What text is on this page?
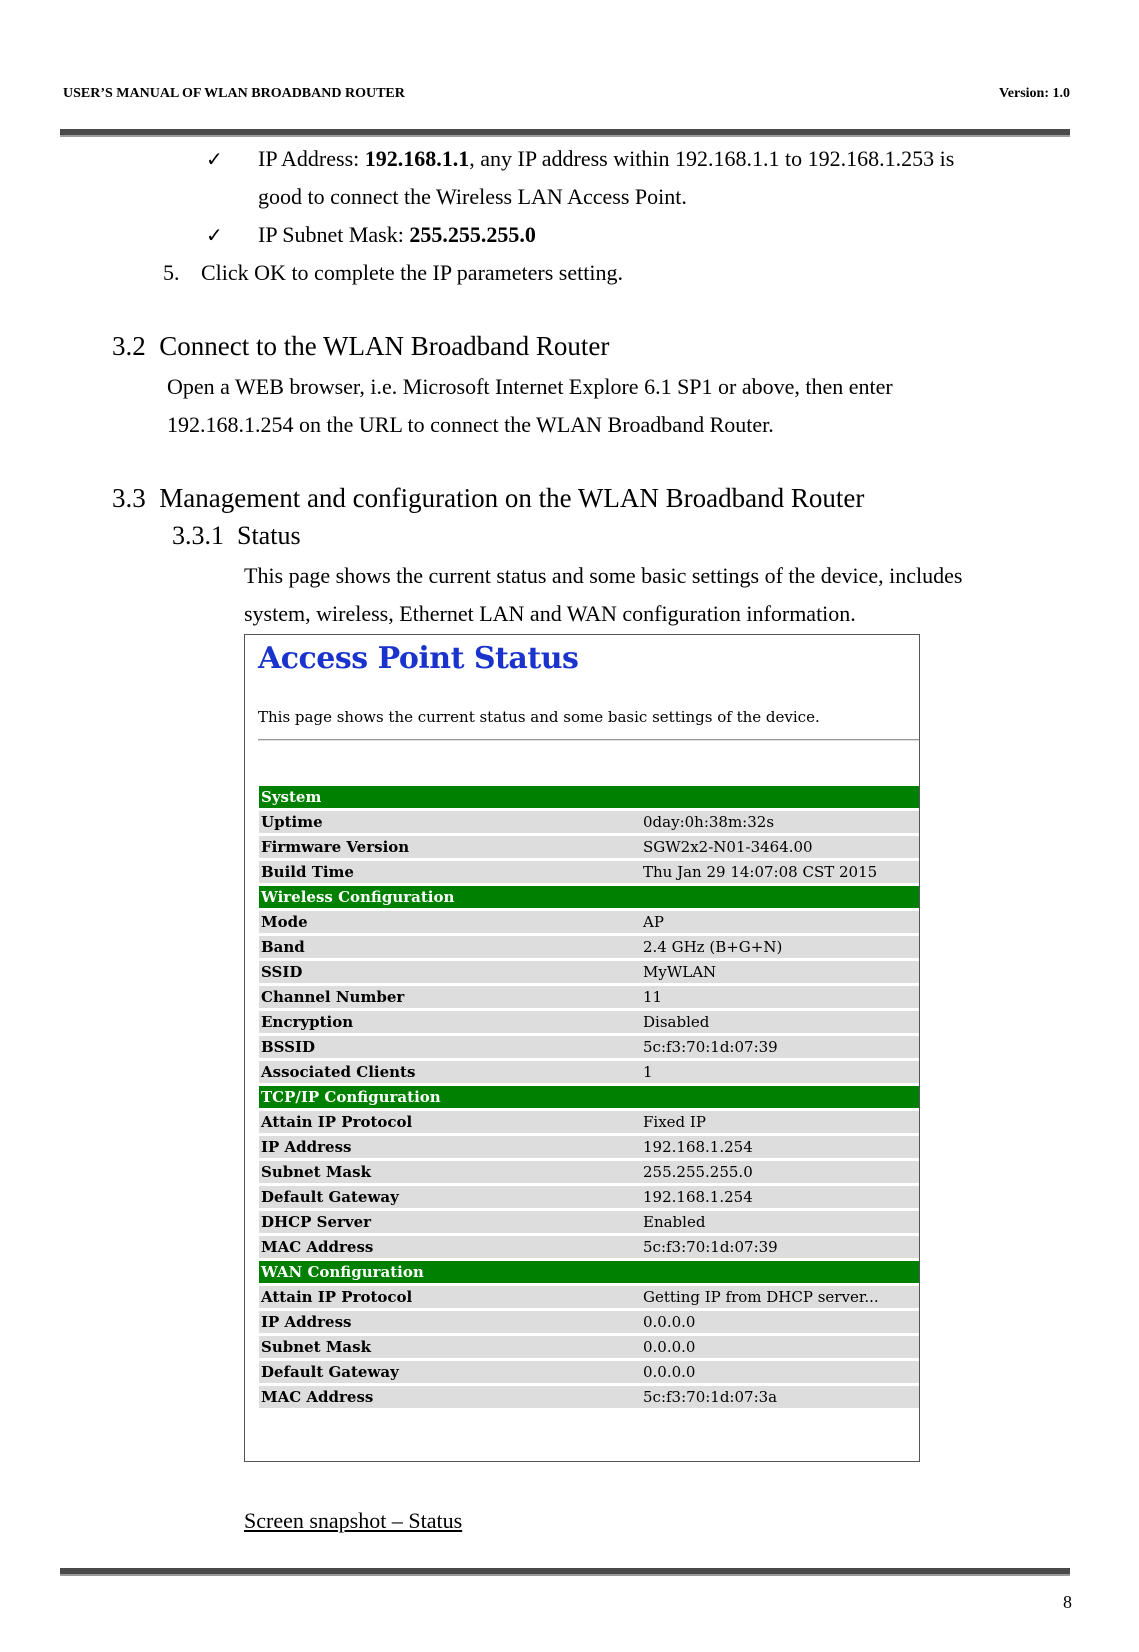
USER’S MANUAL OF WLAN BROADBAND ROUTER	Version: 1.0
✓ IP Address: 192.168.1.1, any IP address within 192.168.1.1 to 192.168.1.253 is
good to connect the Wireless LAN Access Point.
✓ IP Subnet Mask: 255.255.255.0
5. Click OK to complete the IP parameters setting.
3.2  Connect to the WLAN Broadband Router
Open a WEB browser, i.e. Microsoft Internet Explore 6.1 SP1 or above, then enter
192.168.1.254 on the URL to connect the WLAN Broadband Router.
3.3  Management and configuration on the WLAN Broadband Router
3.3.1  Status
This page shows the current status and some basic settings of the device, includes
system, wireless, Ethernet LAN and WAN configuration information.
Access Point Status
This page shows the current status and some basic settings of the device.
System	
Uptime	0day:0h:38m:32s
Firmware Version	SGW2x2-N01-3464.00
Build Time	Thu Jan 29 14:07:08 CST 2015
Wireless Configuration	
Mode	AP
Band	2.4 GHz (B+G+N)
SSID	MyWLAN
Channel Number	11
Encryption	Disabled
BSSID	5c:f3:70:1d:07:39
Associated Clients	1
TCP/IP Configuration	
Attain IP Protocol	Fixed IP
IP Address	192.168.1.254
Subnet Mask	255.255.255.0
Default Gateway	192.168.1.254
DHCP Server	Enabled
MAC Address	5c:f3:70:1d:07:39
WAN Configuration	
Attain IP Protocol	Getting IP from DHCP server...
IP Address	0.0.0.0
Subnet Mask	0.0.0.0
Default Gateway	0.0.0.0
MAC Address	5c:f3:70:1d:07:3a
Screen snapshot – Status
8
